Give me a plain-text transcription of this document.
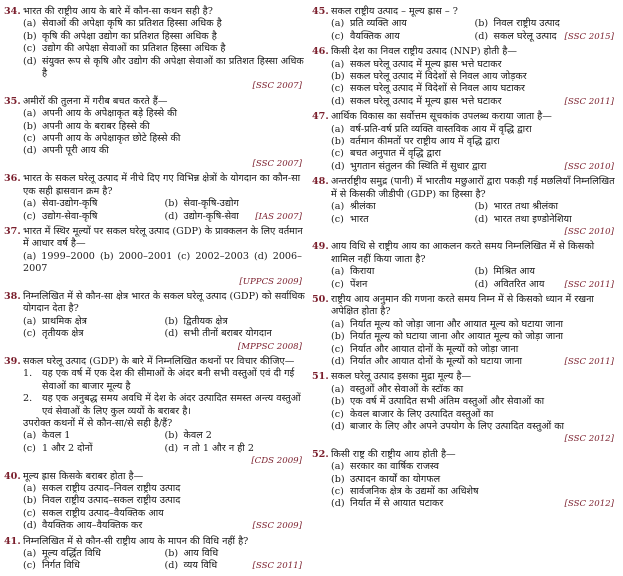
34. भारत की राष्ट्रीय आय के बारे में कौन-सा कथन सही है?
(a) सेवाओं की अपेक्षा कृषि का प्रतिशत हिस्सा अधिक है
(b) कृषि की अपेक्षा उद्योग का प्रतिशत हिस्सा अधिक है
(c) उद्योग की अपेक्षा सेवाओं का प्रतिशत हिस्सा अधिक है
(d) संयुक्त रूप से कृषि और उद्योग की अपेक्षा सेवाओं का प्रतिशत हिस्सा अधिक है
[SSC 2007]
35. अमीरों की तुलना में गरीब बचत करते हैं—
(a) अपनी आय के अपेक्षाकृत बड़े हिस्से की
(b) अपनी आय के बराबर हिस्से की
(c) अपनी आय के अपेक्षाकृत छोटे हिस्से की
(d) अपनी पूरी आय की
[SSC 2007]
36. भारत के सकल घरेलू उत्पाद में नीचे दिए गए विभिन्न क्षेत्रों के योगदान का कौन-सा एक सही ह्रासवान क्रम है?
(a) सेवा-उद्योग-कृषि	(b) सेवा-कृषि-उद्योग
(c) उद्योग-सेवा-कृषि	(d) उद्योग-कृषि-सेवा [IAS 2007]
37. भारत में स्थिर मूल्यों पर सकल घरेलू उत्पाद (GDP) के प्राक्कलन के लिए वर्तमान में आधार वर्ष है—
(a) 1999–2000 (b) 2000–2001 (c) 2002–2003 (d) 2006–2007
[UPPCS 2009]
38. निम्नलिखित में से कौन-सा क्षेत्र भारत के सकल घरेलू उत्पाद (GDP) को सर्वाधिक योगदान देता है?
(a) प्राथमिक क्षेत्र	(b) द्वितीयक क्षेत्र
(c) तृतीयक क्षेत्र	(d) सभी तीनों बराबर योगदान
[MPPSC 2008]
39. सकल घरेलू उत्पाद (GDP) के बारे में निम्नलिखित कथनों पर विचार कीजिए—
1.	यह एक वर्ष में एक देश की सीमाओं के अंदर बनी सभी वस्तुओं एवं दी गई सेवाओं का बाजार मूल्य है
2.	यह एक अनुबद्ध समय अवधि में देश के अंदर उत्पादित समस्त अन्त्य वस्तुओं एवं सेवाओं के लिए कुल व्ययों के बराबर है।
उपरोक्त कथनों में से कौन-सा/से सही है/हैं?
(a) केवल 1	(b) केवल 2
(c) 1 और 2 दोनों	(d) न तो 1 और न ही 2
[CDS 2009]
40. मूल्य ह्रास किसके बराबर होता है—
(a) सकल राष्ट्रीय उत्पाद–निवल राष्ट्रीय उत्पाद
(b) निवल राष्ट्रीय उत्पाद–सकल राष्ट्रीय उत्पाद
(c) सकल राष्ट्रीय उत्पाद–वैयक्तिक आय
(d) वैयक्तिक आय–वैयक्तिक कर	[SSC 2009]
41. निम्नलिखित में से कौन-सी राष्ट्रीय आय के मापन की विधि नहीं है?
(a) मूल्य वर्द्धित विधि	(b) आय विधि
(c) निर्गत विधि	(d) व्यय विधि	[SSC 2011]
45. सकल राष्ट्रीय उत्पाद – मूल्य ह्रास – ?
(a) प्रति व्यक्ति आय	(b) निवल राष्ट्रीय उत्पाद
(c) वैयक्तिक आय	(d) सकल घरेलू उत्पाद [SSC 2015]
46. किसी देश का निवल राष्ट्रीय उत्पाद (NNP) होती है—
(a) सकल घरेलू उत्पाद में मूल्य ह्रास भत्ते घटाकर
(b) सकल घरेलू उत्पाद में विदेशों से निवल आय जोड़कर
(c) सकल घरेलू उत्पाद में विदेशों से निवल आय घटाकर
(d) सकल घरेलू उत्पाद में मूल्य ह्रास भत्ते घटाकर	[SSC 2011]
47. आर्थिक विकास का सर्वोत्तम सूचकांक उपलब्ध कराया जाता है—
(a) वर्ष-प्रति-वर्ष प्रति व्यक्ति वास्तविक आय में वृद्धि द्वारा
(b) वर्तमान कीमतों पर राष्ट्रीय आय में वृद्धि द्वारा
(c) बचत अनुपात में वृद्धि द्वारा
(d) भुगतान संतुलन की स्थिति में सुधार द्वारा	[SSC 2010]
48. अन्तर्राष्ट्रीय समुद्र (पानी) में भारतीय मछुआरों द्वारा पकड़ी गई मछलियाँ निम्नलिखित में से किसकी जीडीपी (GDP) का हिस्सा है?
(a) श्रीलंका	(b) भारत तथा श्रीलंका
(c) भारत	(d) भारत तथा इण्डोनेशिया
[SSC 2010]
49. आय विधि से राष्ट्रीय आय का आकलन करते समय निम्नलिखित में से किसको शामिल नहीं किया जाता है?
(a) किराया	(b) मिश्रित आय
(c) पेंशन	(d) अवितरित आय [SSC 2011]
50. राष्ट्रीय आय अनुमान की गणना करते समय निम्न में से किसको ध्यान में रखना अपेक्षित होता है?
(a) निर्यात मूल्य को जोड़ा जाना और आयात मूल्य को घटाया जाना
(b) निर्यात मूल्य को घटाया जाना और आयात मूल्य को जोड़ा जाना
(c) निर्यात और आयात दोनों के मूल्यों को जोड़ा जाना
(d) निर्यात और आयात दोनों के मूल्यों को घटाया जाना	[SSC 2011]
51. सकल घरेलू उत्पाद इसका मुद्रा मूल्य है—
(a) वस्तुओं और सेवाओं के स्टॉक का
(b) एक वर्ष में उत्पादित सभी अंतिम वस्तुओं और सेवाओं का
(c) केवल बाजार के लिए उत्पादित वस्तुओं का
(d) बाजार के लिए और अपने उपयोग के लिए उत्पादित वस्तुओं का
[SSC 2012]
52. किसी राष्ट्र की राष्ट्रीय आय होती है—
(a) सरकार का वार्षिक राजस्व
(b) उत्पादन कार्यों का योगफल
(c) सार्वजनिक क्षेत्र के उद्यमों का अधिशेष
(d) निर्यात में से आयात घटाकर	[SSC 2012]
